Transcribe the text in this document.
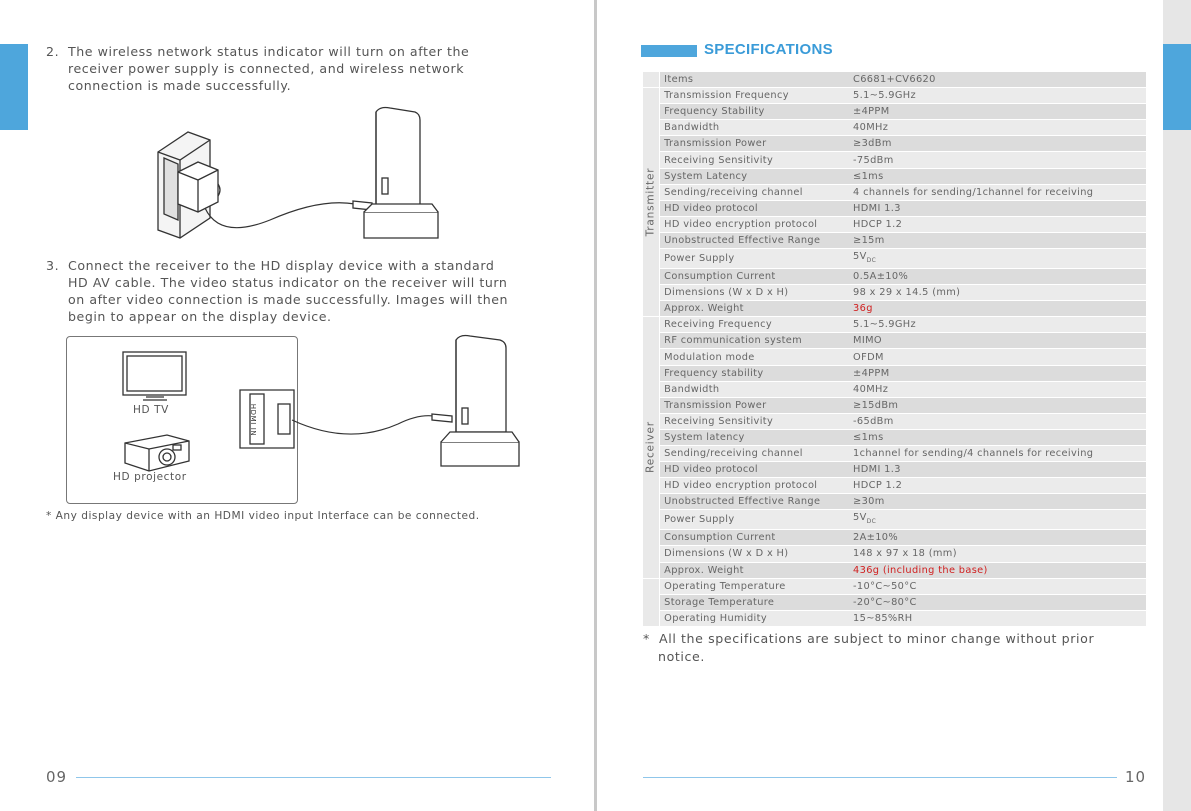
2. The wireless network status indicator will turn on after the
receiver power supply is connected, and wireless network
connection is made successfully.
3. Connect the receiver to the HD display device with a standard
HD AV cable. The video status indicator on the receiver will turn
on after video connection is made successfully. Images will then
begin to appear on the display device.
HD TV
HD projector
HDMI IN
* Any display device with an HDMI video input Interface can be connected.
09
SPECIFICATIONS
	Items	C6681+CV6620

Transmitter	Transmission Frequency	5.1~5.9GHz
	Frequency Stability	±4PPM
	Bandwidth	40MHz
	Transmission Power	≥3dBm
	Receiving Sensitivity	-75dBm
	System Latency	≤1ms
	Sending/receiving channel	4 channels for sending/1channel for receiving
	HD video protocol	HDMI 1.3
	HD video encryption protocol	HDCP 1.2
	Unobstructed Effective Range	≥15m
	Power Supply	$5V_{DC}$
	Consumption Current	0.5A±10%
	Dimensions (W x D x H)	98 x 29 x 14.5 (mm)
	Approx. Weight	36g

Receiver	Receiving Frequency	5.1~5.9GHz
	RF communication system	MIMO
	Modulation mode	OFDM
	Frequency stability	±4PPM
	Bandwidth	40MHz
	Transmission Power	≥15dBm
	Receiving Sensitivity	-65dBm
	System latency	≤1ms
	Sending/receiving channel	1channel for sending/4 channels for receiving
	HD video protocol	HDMI 1.3
	HD video encryption protocol	HDCP 1.2
	Unobstructed Effective Range	≥30m
	Power Supply	$5V_{DC}$
	Consumption Current	2A±10%
	Dimensions (W x D x H)	148 x 97 x 18 (mm)
	Approx. Weight	436g (including the base)
	Operating Temperature	-10°C~50°C
	Storage Temperature	-20°C~80°C
	Operating Humidity	15~85%RH
* All the specifications are subject to minor change without prior
notice.
10
